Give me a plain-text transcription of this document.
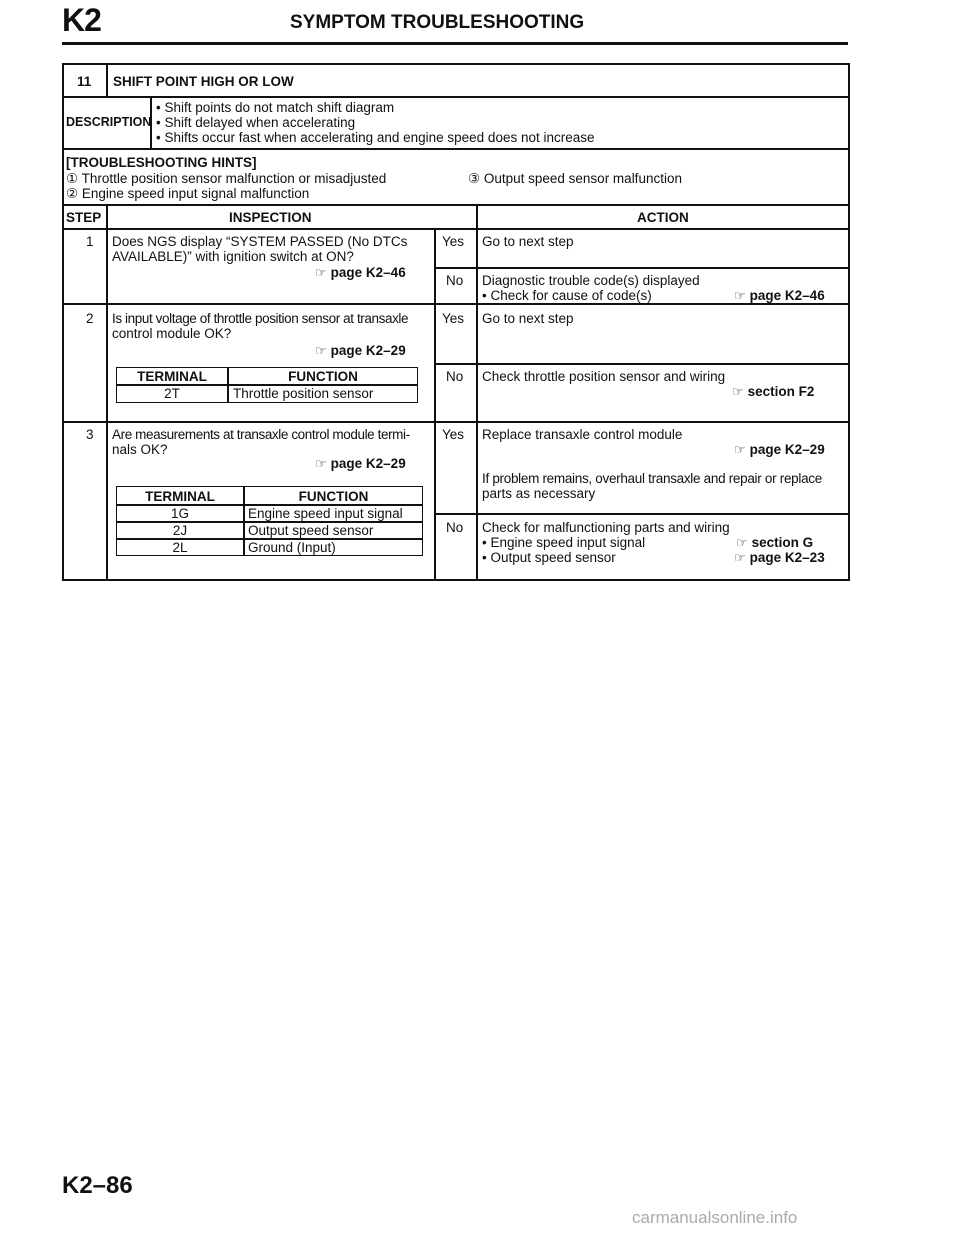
K2	SYMPTOM TROUBLESHOOTING
11 SHIFT POINT HIGH OR LOW
DESCRIPTION
• Shift points do not match shift diagram
• Shift delayed when accelerating
• Shifts occur fast when accelerating and engine speed does not increase
[TROUBLESHOOTING HINTS]
① Throttle position sensor malfunction or misadjusted
② Engine speed input signal malfunction
③ Output speed sensor malfunction
STEP	INSPECTION	ACTION
1 Does NGS display “SYSTEM PASSED (No DTCs
AVAILABLE)” with ignition switch at ON?
☞ page K2–46
Yes Go to next step
No Diagnostic trouble code(s) displayed
• Check for cause of code(s)	☞ page K2–46
2 Is input voltage of throttle position sensor at transaxle
control module OK?
☞ page K2–29
TERMINAL	FUNCTION
2T	Throttle position sensor
Yes Go to next step
No Check throttle position sensor and wiring
☞ section F2
3 Are measurements at transaxle control module termi-
nals OK?
☞ page K2–29
TERMINAL	FUNCTION
1G	Engine speed input signal
2J	Output speed sensor
2L	Ground (Input)
Yes Replace transaxle control module
☞ page K2–29
If problem remains, overhaul transaxle and repair or replace
parts as necessary
No Check for malfunctioning parts and wiring
• Engine speed input signal	☞ section G
• Output speed sensor	☞ page K2–23
K2–86
carmanualsonline.info
